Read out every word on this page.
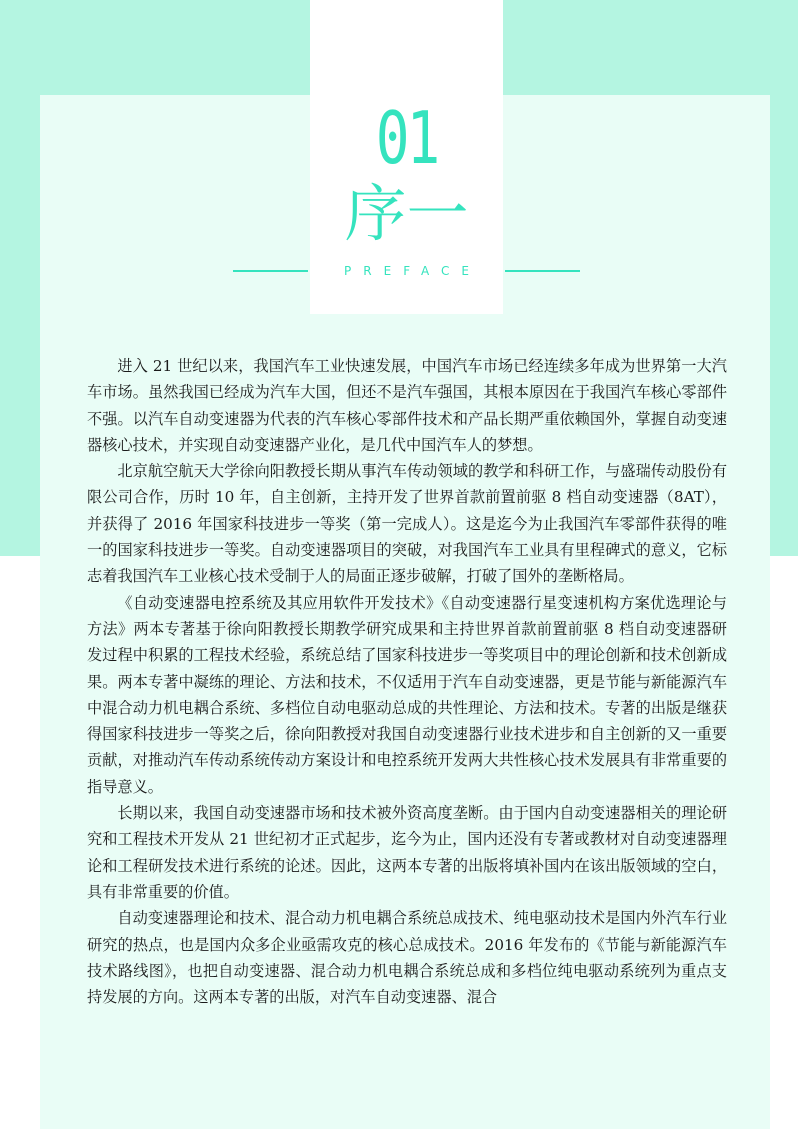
01
序一
PREFACE

进入 21 世纪以来，我国汽车工业快速发展，中国汽车市场已经连续多年成为世界第一大汽车市场。虽然我国已经成为汽车大国，但还不是汽车强国，其根本原因在于我国汽车核心零部件不强。以汽车自动变速器为代表的汽车核心零部件技术和产品长期严重依赖国外，掌握自动变速器核心技术，并实现自动变速器产业化，是几代中国汽车人的梦想。

北京航空航天大学徐向阳教授长期从事汽车传动领域的教学和科研工作，与盛瑞传动股份有限公司合作，历时 10 年，自主创新，主持开发了世界首款前置前驱 8 档自动变速器（8AT），并获得了 2016 年国家科技进步一等奖（第一完成人）。这是迄今为止我国汽车零部件获得的唯一的国家科技进步一等奖。自动变速器项目的突破，对我国汽车工业具有里程碑式的意义，它标志着我国汽车工业核心技术受制于人的局面正逐步破解，打破了国外的垄断格局。

《自动变速器电控系统及其应用软件开发技术》《自动变速器行星变速机构方案优选理论与方法》两本专著基于徐向阳教授长期教学研究成果和主持世界首款前置前驱 8 档自动变速器研发过程中积累的工程技术经验，系统总结了国家科技进步一等奖项目中的理论创新和技术创新成果。两本专著中凝练的理论、方法和技术，不仅适用于汽车自动变速器，更是节能与新能源汽车中混合动力机电耦合系统、多档位自动电驱动总成的共性理论、方法和技术。专著的出版是继获得国家科技进步一等奖之后，徐向阳教授对我国自动变速器行业技术进步和自主创新的又一重要贡献，对推动汽车传动系统传动方案设计和电控系统开发两大共性核心技术发展具有非常重要的指导意义。

长期以来，我国自动变速器市场和技术被外资高度垄断。由于国内自动变速器相关的理论研究和工程技术开发从 21 世纪初才正式起步，迄今为止，国内还没有专著或教材对自动变速器理论和工程研发技术进行系统的论述。因此，这两本专著的出版将填补国内在该出版领域的空白，具有非常重要的价值。

自动变速器理论和技术、混合动力机电耦合系统总成技术、纯电驱动技术是国内外汽车行业研究的热点，也是国内众多企业亟需攻克的核心总成技术。2016 年发布的《节能与新能源汽车技术路线图》，也把自动变速器、混合动力机电耦合系统总成和多档位纯电驱动系统列为重点支持发展的方向。这两本专著的出版，对汽车自动变速器、混合
